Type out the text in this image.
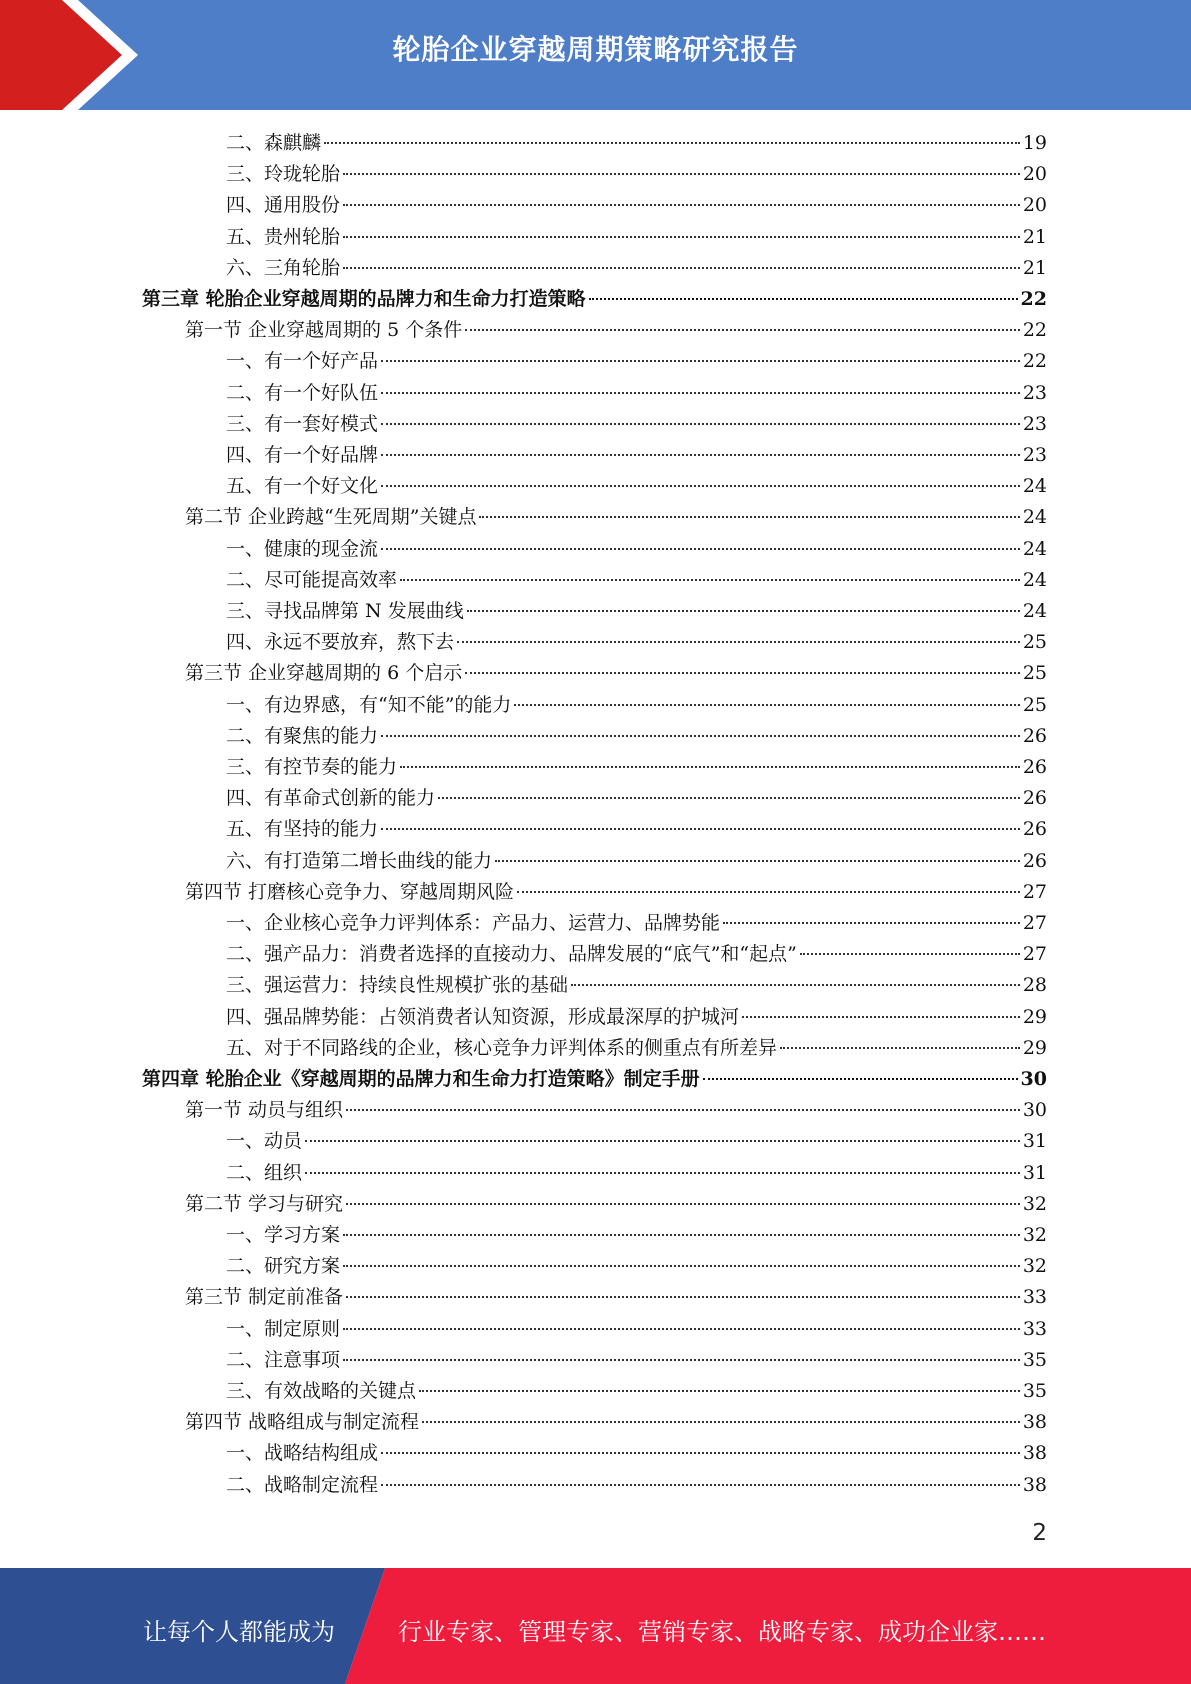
轮胎企业穿越周期策略研究报告
二、森麒麟	19
三、玲珑轮胎	20
四、通用股份	20
五、贵州轮胎	21
六、三角轮胎	21
第三章 轮胎企业穿越周期的品牌力和生命力打造策略	22
第一节 企业穿越周期的 5 个条件	22
一、有一个好产品	22
二、有一个好队伍	23
三、有一套好模式	23
四、有一个好品牌	23
五、有一个好文化	24
第二节 企业跨越“生死周期”关键点	24
一、健康的现金流	24
二、尽可能提高效率	24
三、寻找品牌第 N 发展曲线	24
四、永远不要放弃，熬下去	25
第三节 企业穿越周期的 6 个启示	25
一、有边界感，有“知不能”的能力	25
二、有聚焦的能力	26
三、有控节奏的能力	26
四、有革命式创新的能力	26
五、有坚持的能力	26
六、有打造第二增长曲线的能力	26
第四节 打磨核心竞争力、穿越周期风险	27
一、企业核心竞争力评判体系：产品力、运营力、品牌势能	27
二、强产品力：消费者选择的直接动力、品牌发展的“底气”和“起点”	27
三、强运营力：持续良性规模扩张的基础	28
四、强品牌势能：占领消费者认知资源，形成最深厚的护城河	29
五、对于不同路线的企业，核心竞争力评判体系的侧重点有所差异	29
第四章 轮胎企业《穿越周期的品牌力和生命力打造策略》制定手册	30
第一节 动员与组织	30
一、动员	31
二、组织	31
第二节 学习与研究	32
一、学习方案	32
二、研究方案	32
第三节 制定前准备	33
一、制定原则	33
二、注意事项	35
三、有效战略的关键点	35
第四节 战略组成与制定流程	38
一、战略结构组成	38
二、战略制定流程	38
2
让每个人都能成为	行业专家、管理专家、营销专家、战略专家、成功企业家……
